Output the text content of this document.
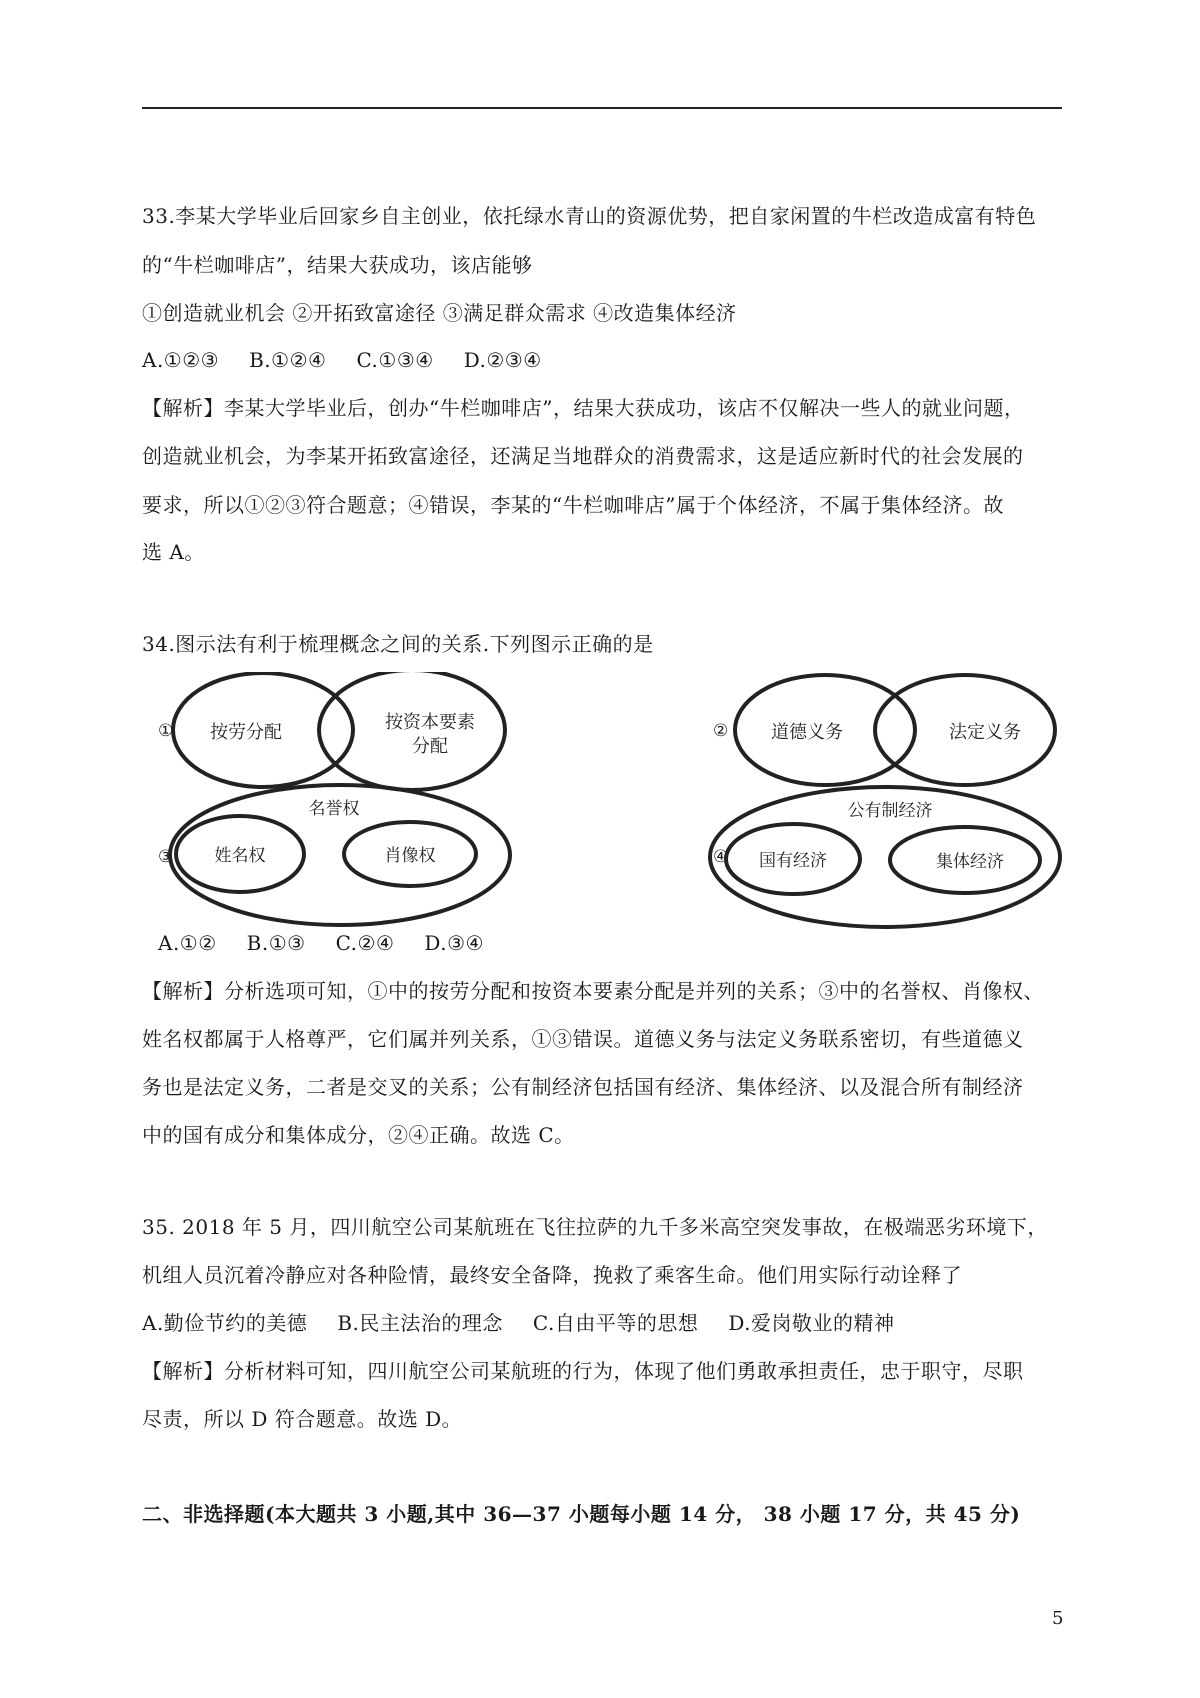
33.李某大学毕业后回家乡自主创业，依托绿水青山的资源优势，把自家闲置的牛栏改造成富有特色
的“牛栏咖啡店”，结果大获成功，该店能够
①创造就业机会 ②开拓致富途径 ③满足群众需求 ④改造集体经济
A.①②③ B.①②④ C.①③④ D.②③④
【解析】李某大学毕业后，创办“牛栏咖啡店”，结果大获成功，该店不仅解决一些人的就业问题，
创造就业机会，为李某开拓致富途径，还满足当地群众的消费需求，这是适应新时代的社会发展的
要求，所以①②③符合题意；④错误，李某的“牛栏咖啡店”属于个体经济，不属于集体经济。故
选 A。
34.图示法有利于梳理概念之间的关系.下列图示正确的是
① 按劳分配	按资本要素
分配
② 道德义务	法定义务
③
名誉权
姓名权	肖像权	④
公有制经济
国有经济	集体经济
A.①② B.①③ C.②④ D.③④
【解析】分析选项可知，①中的按劳分配和按资本要素分配是并列的关系；③中的名誉权、肖像权、
姓名权都属于人格尊严，它们属并列关系，①③错误。道德义务与法定义务联系密切，有些道德义
务也是法定义务，二者是交叉的关系；公有制经济包括国有经济、集体经济、以及混合所有制经济
中的国有成分和集体成分，②④正确。故选 C。
35. 2018 年 5 月，四川航空公司某航班在飞往拉萨的九千多米高空突发事故，在极端恶劣环境下，
机组人员沉着冷静应对各种险情，最终安全备降，挽救了乘客生命。他们用实际行动诠释了
A.勤俭节约的美德 B.民主法治的理念 C.自由平等的思想 D.爱岗敬业的精神
【解析】分析材料可知，四川航空公司某航班的行为，体现了他们勇敢承担责任，忠于职守，尽职
尽责，所以 D 符合题意。故选 D。
二、非选择题(本大题共 3 小题,其中 36—37 小题每小题 14 分， 38 小题 17 分，共 45 分)
5
